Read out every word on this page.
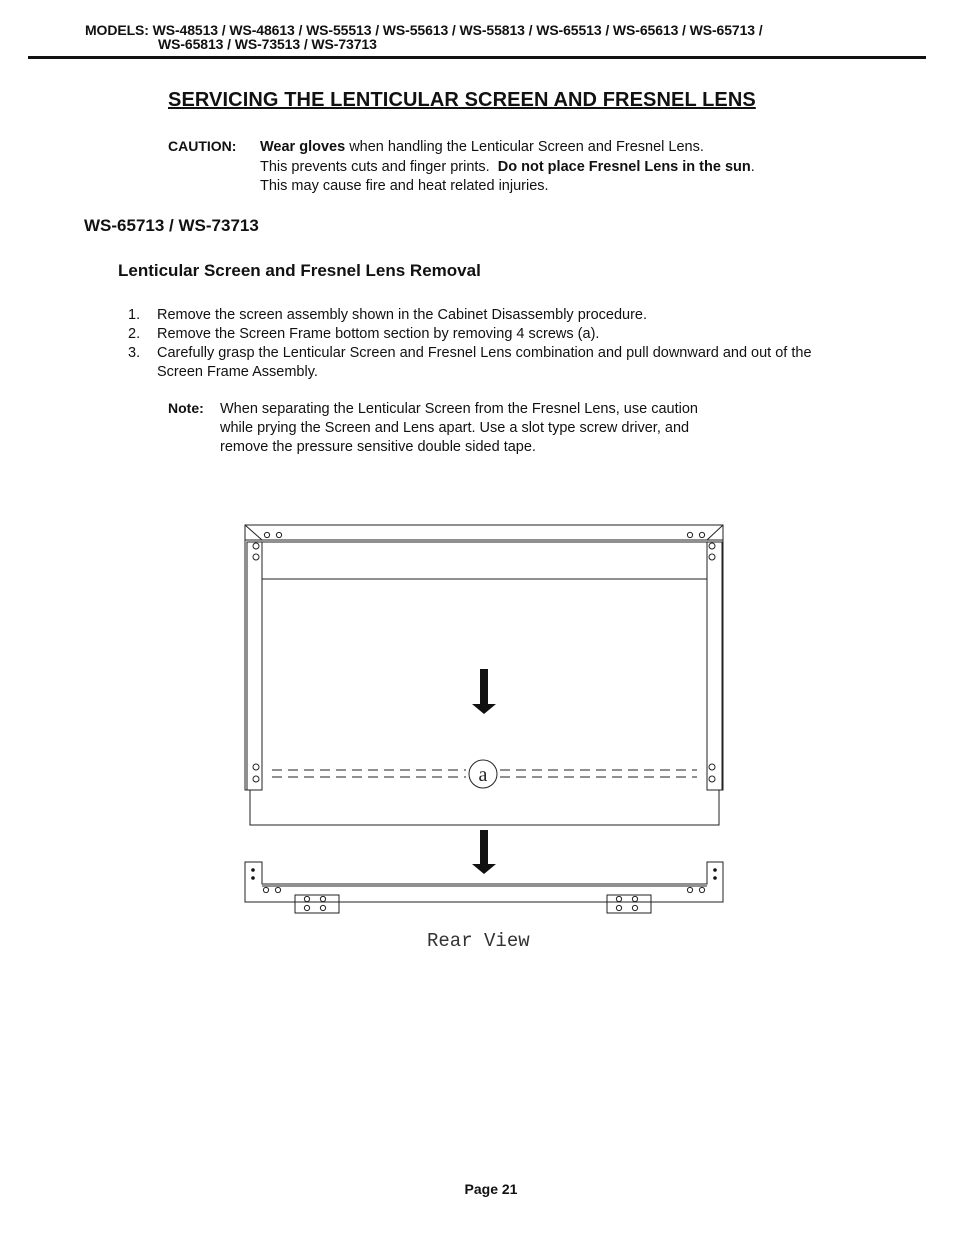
MODELS: WS-48513 / WS-48613 / WS-55513 / WS-55613 / WS-55813 / WS-65513 / WS-65613 / WS-65713 /
WS-65813 / WS-73513 / WS-73713
SERVICING THE LENTICULAR SCREEN AND FRESNEL LENS
CAUTION: Wear gloves when handling the Lenticular Screen and Fresnel Lens.
This prevents cuts and finger prints.  Do not place Fresnel Lens in the sun.
This may cause fire and heat related injuries.
WS-65713 / WS-73713
Lenticular Screen and Fresnel Lens Removal
1.	Remove the screen assembly shown in the Cabinet Disassembly procedure.
2.	Remove the Screen Frame bottom section by removing 4 screws (a).
3.	Carefully grasp the Lenticular Screen and Fresnel Lens combination and pull downward and out of the Screen Frame Assembly.
Note: When separating the Lenticular Screen from the Fresnel Lens, use caution
while prying the Screen and Lens apart. Use a slot type screw driver, and
remove the pressure sensitive double sided tape.
a
Rear View
Page 21
